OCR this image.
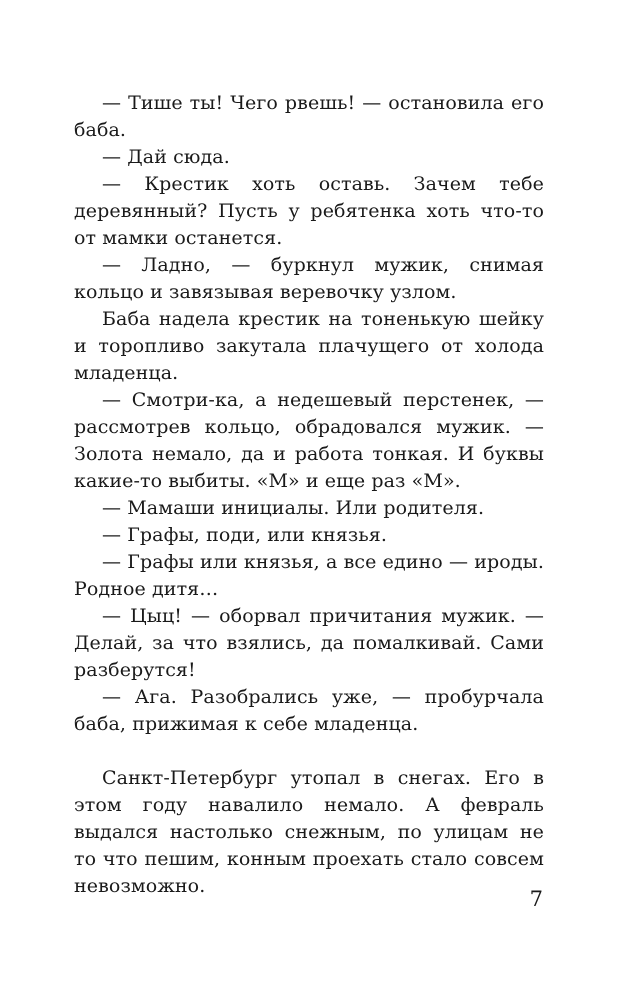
— Тише ты! Чего рвешь! — остановила его баба.

— Дай сюда.

— Крестик хоть оставь. Зачем тебе деревянный? Пусть у ребятенка хоть что-то от мамки останется.

— Ладно, — буркнул мужик, снимая кольцо и завязывая веревочку узлом.

Баба надела крестик на тоненькую шейку и торопливо закутала плачущего от холода младенца.

— Смотри-ка, а недешевый перстенек, — рассмотрев кольцо, обрадовался мужик. — Золота немало, да и работа тонкая. И буквы какие-то выбиты. «М» и еще раз «М».

— Мамаши инициалы. Или родителя.

— Графы, поди, или князья.

— Графы или князья, а все едино — ироды. Родное дитя…

— Цыц! — оборвал причитания мужик. — Делай, за что взялись, да помалкивай. Сами разберутся!

— Ага. Разобрались уже, — пробурчала баба, прижимая к себе младенца.

Санкт-Петербург утопал в снегах. Его в этом году навалило немало. А февраль выдался настолько снежным, по улицам не то что пешим, конным проехать стало совсем невозможно.

7
